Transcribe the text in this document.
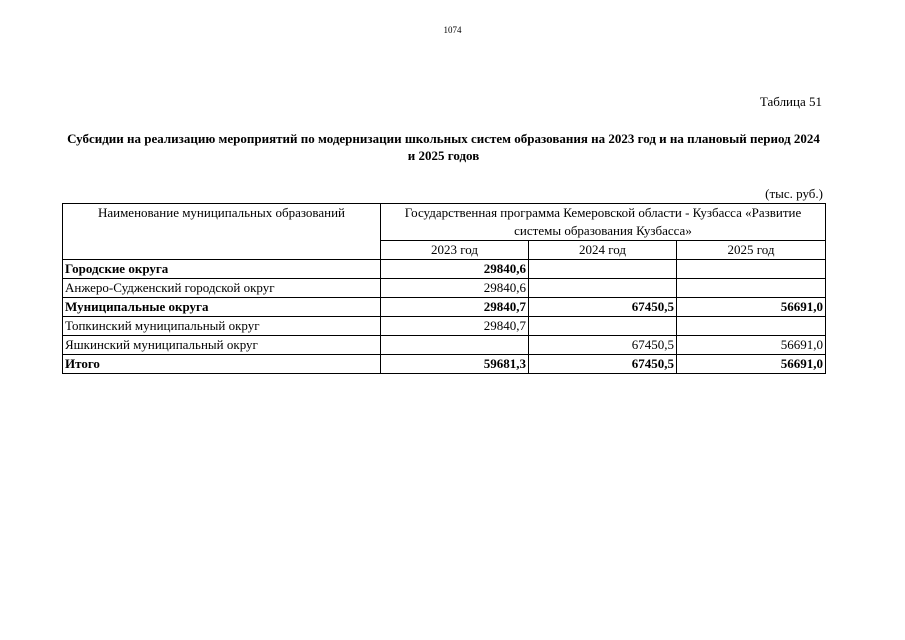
1074
Таблица 51
Субсидии на реализацию мероприятий по модернизации школьных систем образования на 2023 год и на плановый период 2024 и 2025 годов
(тыс. руб.)
Наименование муниципальных образований	Государственная программа Кемеровской области - Кузбасса «Развитие системы образования Кузбасса»		
	2023 год	2024 год	2025 год
Городские округа	29840,6		
Анжеро-Судженский городской округ	29840,6		
Муниципальные округа	29840,7	67450,5	56691,0
Топкинский муниципальный округ	29840,7		
Яшкинский муниципальный округ		67450,5	56691,0
Итого	59681,3	67450,5	56691,0
